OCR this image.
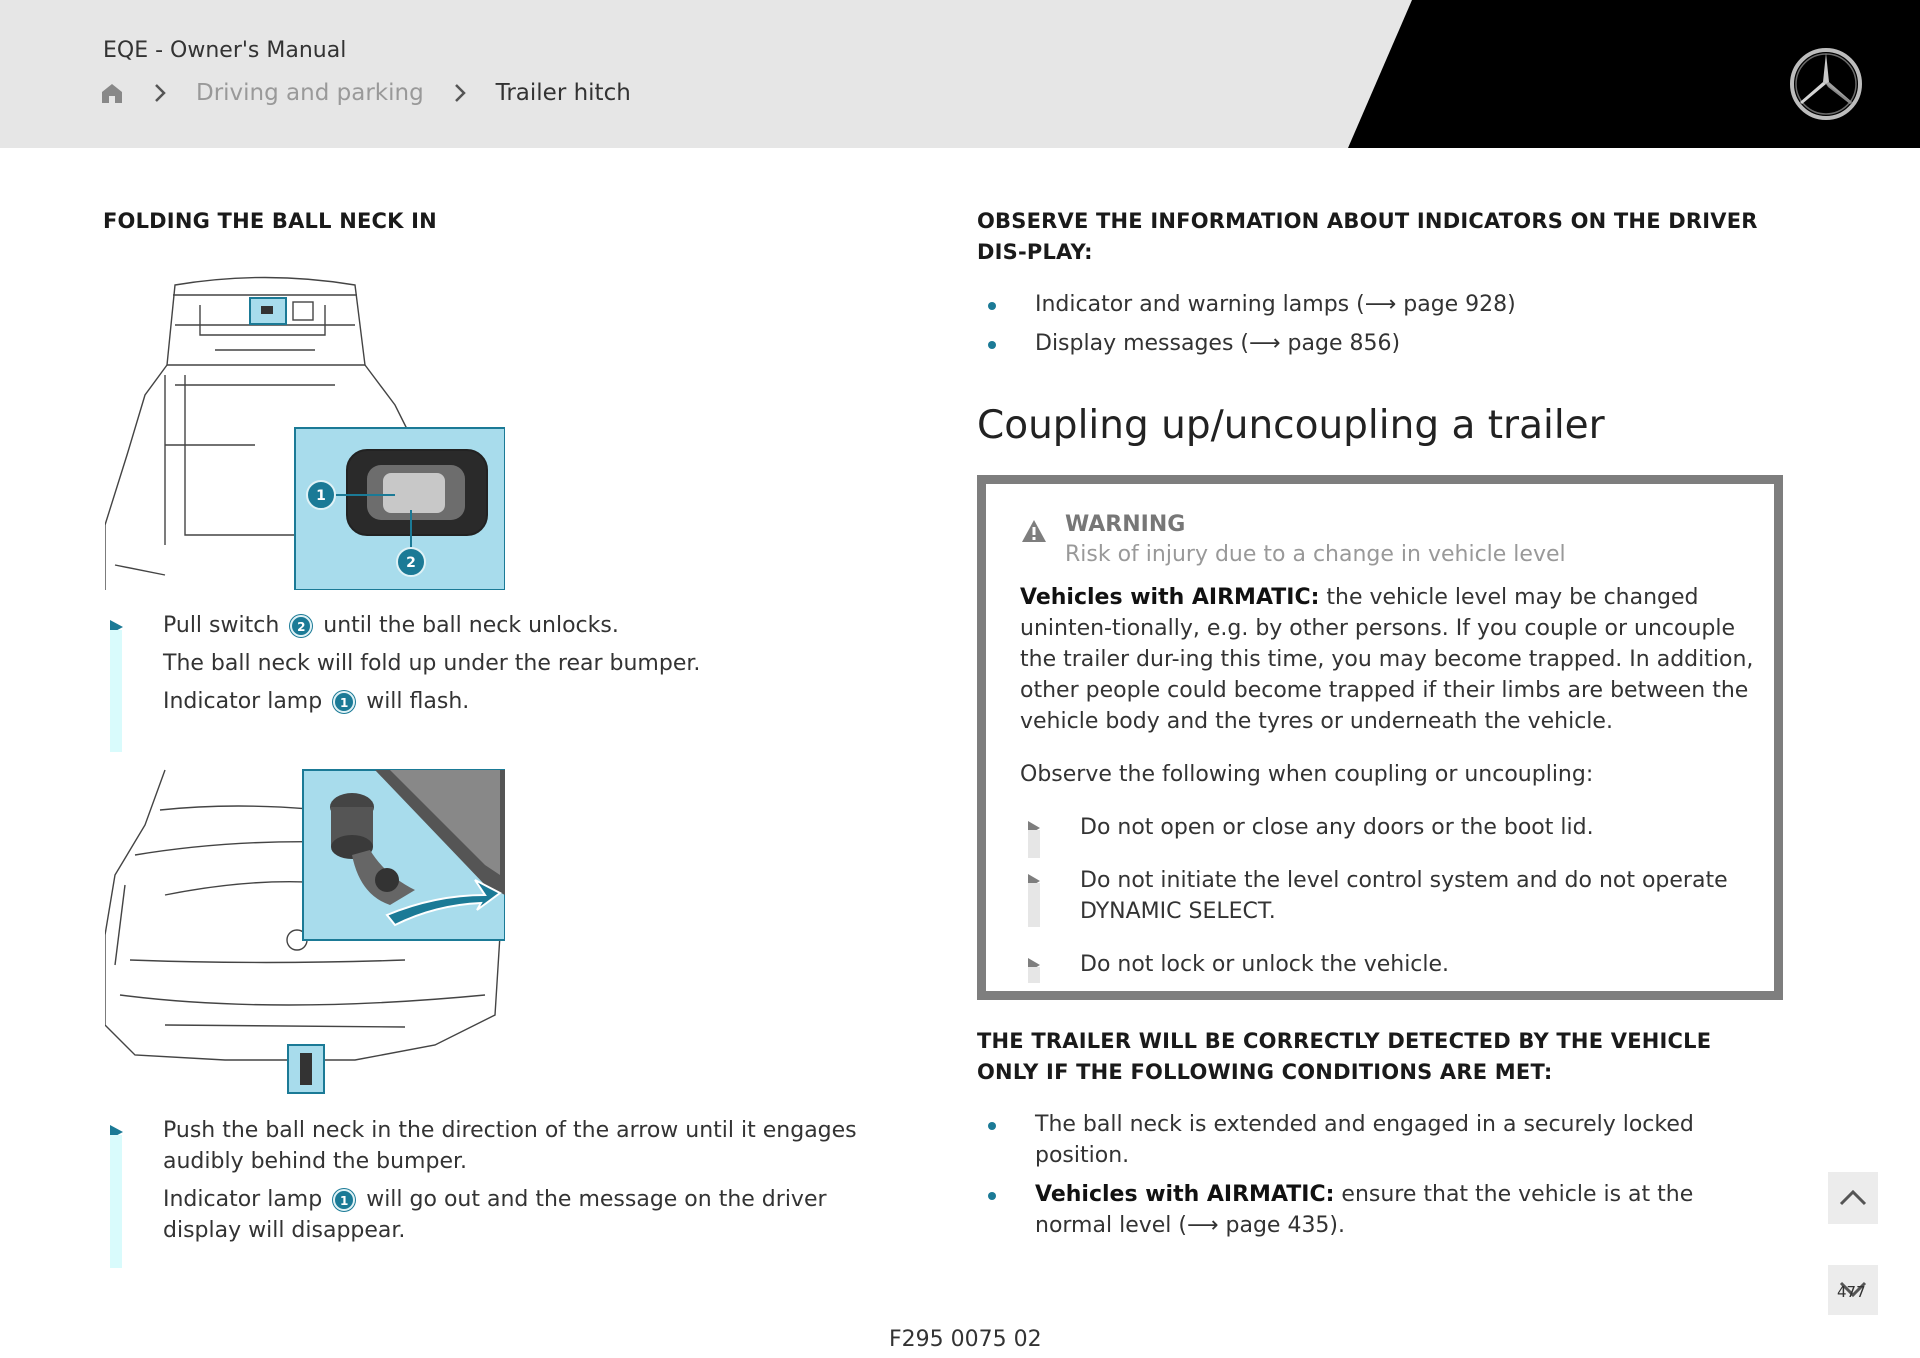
EQE - Owner's Manual
Driving and parking	Trailer hitch
FOLDING THE BALL NECK IN
1
2

Pull switch 2 until the ball neck unlocks.

The ball neck will fold up under the rear bumper.

Indicator lamp 1 will flash.

Push the ball neck in the direction of the arrow until it engages audibly behind the bumper.

Indicator lamp 1 will go out and the message on the driver display will disappear.

OBSERVE THE INFORMATION ABOUT INDICATORS ON THE DRIVER DIS-PLAY:
Indicator and warning lamps (⟶ page 928)
Display messages (⟶ page 856)
Coupling up/uncoupling a trailer
WARNING
Risk of injury due to a change in vehicle level

Vehicles with AIRMATIC: the vehicle level may be changed uninten-tionally, e.g. by other persons. If you couple or uncouple the trailer dur-ing this time, you may become trapped. In addition, other people could become trapped if their limbs are between the vehicle body and the tyres or underneath the vehicle.

Observe the following when coupling or uncoupling:

Do not open or close any doors or the boot lid.
Do not initiate the level control system and do not operate DYNAMIC SELECT.
Do not lock or unlock the vehicle.
THE TRAILER WILL BE CORRECTLY DETECTED BY THE VEHICLE ONLY IF THE FOLLOWING CONDITIONS ARE MET:
The ball neck is extended and engaged in a securely locked position.
Vehicles with AIRMATIC: ensure that the vehicle is at the normal level (⟶ page 435).
477
F295 0075 02
